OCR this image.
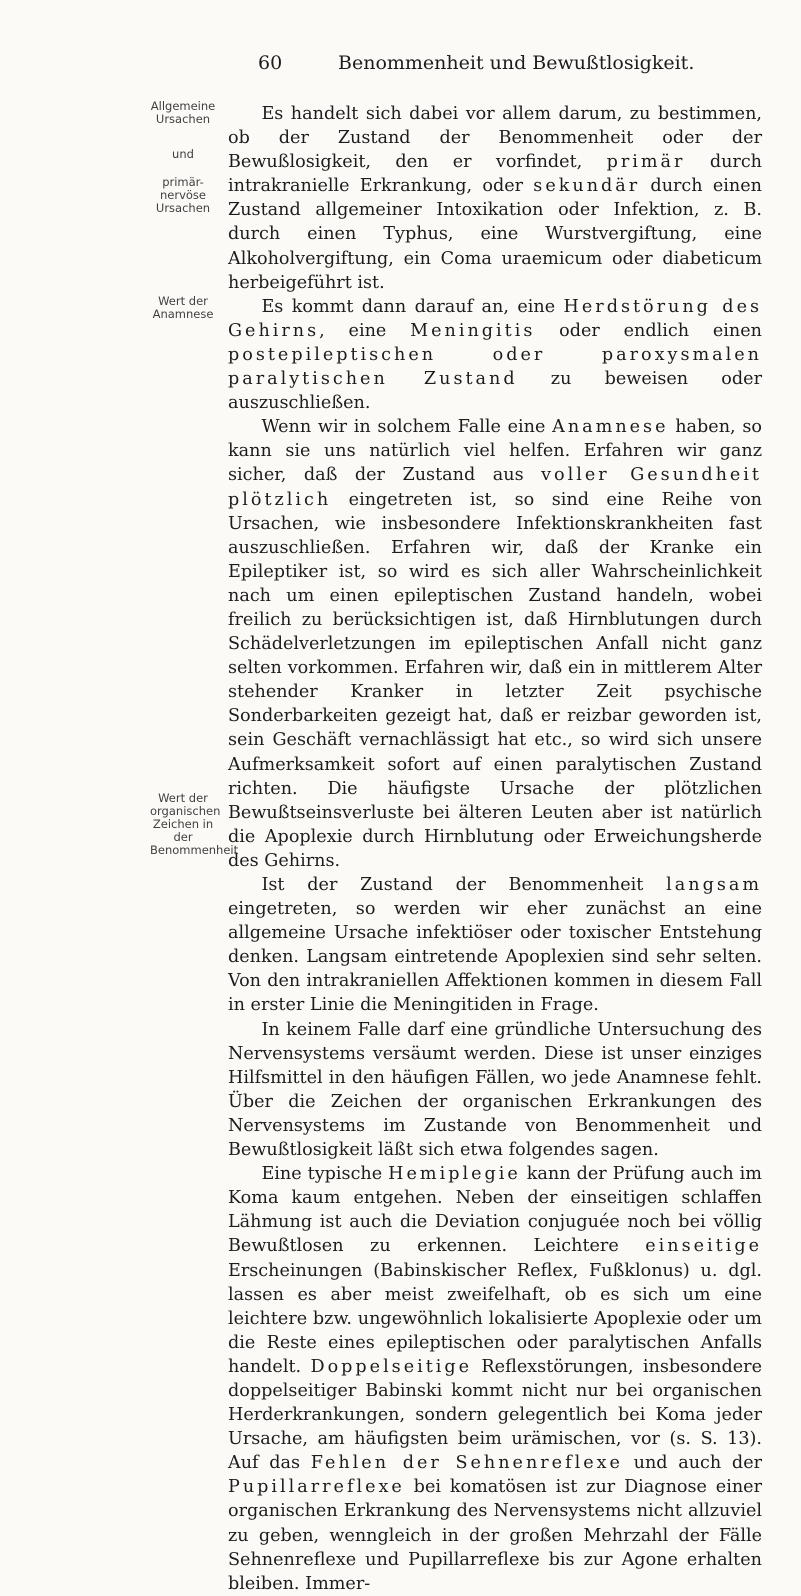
60	Benommenheit und Bewußtlosigkeit.
Allgemeine Ursachen
und
primär-nervöse Ursachen
Wert der Anamnese
Wert der organischen Zeichen in der Benommenheit

Es handelt sich dabei vor allem darum, zu bestimmen, ob der Zustand der Benommenheit oder der Bewußlosigkeit, den er vorfindet, primär durch intrakranielle Erkrankung, oder sekundär durch einen Zustand allgemeiner Intoxikation oder Infektion, z. B. durch einen Typhus, eine Wurstvergiftung, eine Alkoholvergiftung, ein Coma uraemicum oder diabeticum herbeigeführt ist.

Es kommt dann darauf an, eine Herdstörung des Gehirns, eine Meningitis oder endlich einen postepileptischen oder paroxysmalen paralytischen Zustand zu beweisen oder auszuschließen.

Wenn wir in solchem Falle eine Anamnese haben, so kann sie uns natürlich viel helfen. Erfahren wir ganz sicher, daß der Zustand aus voller Gesundheit plötzlich eingetreten ist, so sind eine Reihe von Ursachen, wie insbesondere Infektionskrankheiten fast auszuschließen. Erfahren wir, daß der Kranke ein Epileptiker ist, so wird es sich aller Wahrscheinlichkeit nach um einen epileptischen Zustand handeln, wobei freilich zu berücksichtigen ist, daß Hirnblutungen durch Schädelverletzungen im epileptischen Anfall nicht ganz selten vorkommen. Erfahren wir, daß ein in mittlerem Alter stehender Kranker in letzter Zeit psychische Sonderbarkeiten gezeigt hat, daß er reizbar geworden ist, sein Geschäft vernachlässigt hat etc., so wird sich unsere Aufmerksamkeit sofort auf einen paralytischen Zustand richten. Die häufigste Ursache der plötzlichen Bewußtseinsverluste bei älteren Leuten aber ist natürlich die Apoplexie durch Hirnblutung oder Erweichungsherde des Gehirns.

Ist der Zustand der Benommenheit langsam eingetreten, so werden wir eher zunächst an eine allgemeine Ursache infektiöser oder toxischer Entstehung denken. Langsam eintretende Apoplexien sind sehr selten. Von den intrakraniellen Affektionen kommen in diesem Fall in erster Linie die Meningitiden in Frage.

In keinem Falle darf eine gründliche Untersuchung des Nervensystems versäumt werden. Diese ist unser einziges Hilfsmittel in den häufigen Fällen, wo jede Anamnese fehlt. Über die Zeichen der organischen Erkrankungen des Nervensystems im Zustande von Benommenheit und Bewußtlosigkeit läßt sich etwa folgendes sagen.

Eine typische Hemiplegie kann der Prüfung auch im Koma kaum entgehen. Neben der einseitigen schlaffen Lähmung ist auch die Deviation conjuguée noch bei völlig Bewußtlosen zu erkennen. Leichtere einseitige Erscheinungen (Babinskischer Reflex, Fußklonus) u. dgl. lassen es aber meist zweifelhaft, ob es sich um eine leichtere bzw. ungewöhnlich lokalisierte Apoplexie oder um die Reste eines epileptischen oder paralytischen Anfalls handelt. Doppelseitige Reflexstörungen, insbesondere doppelseitiger Babinski kommt nicht nur bei organischen Herderkrankungen, sondern gelegentlich bei Koma jeder Ursache, am häufigsten beim urämischen, vor (s. S. 13). Auf das Fehlen der Sehnenreflexe und auch der Pupillarreflexe bei komatösen ist zur Diagnose einer organischen Erkrankung des Nervensystems nicht allzuviel zu geben, wenngleich in der großen Mehrzahl der Fälle Sehnenreflexe und Pupillarreflexe bis zur Agone erhalten bleiben. Immer-
